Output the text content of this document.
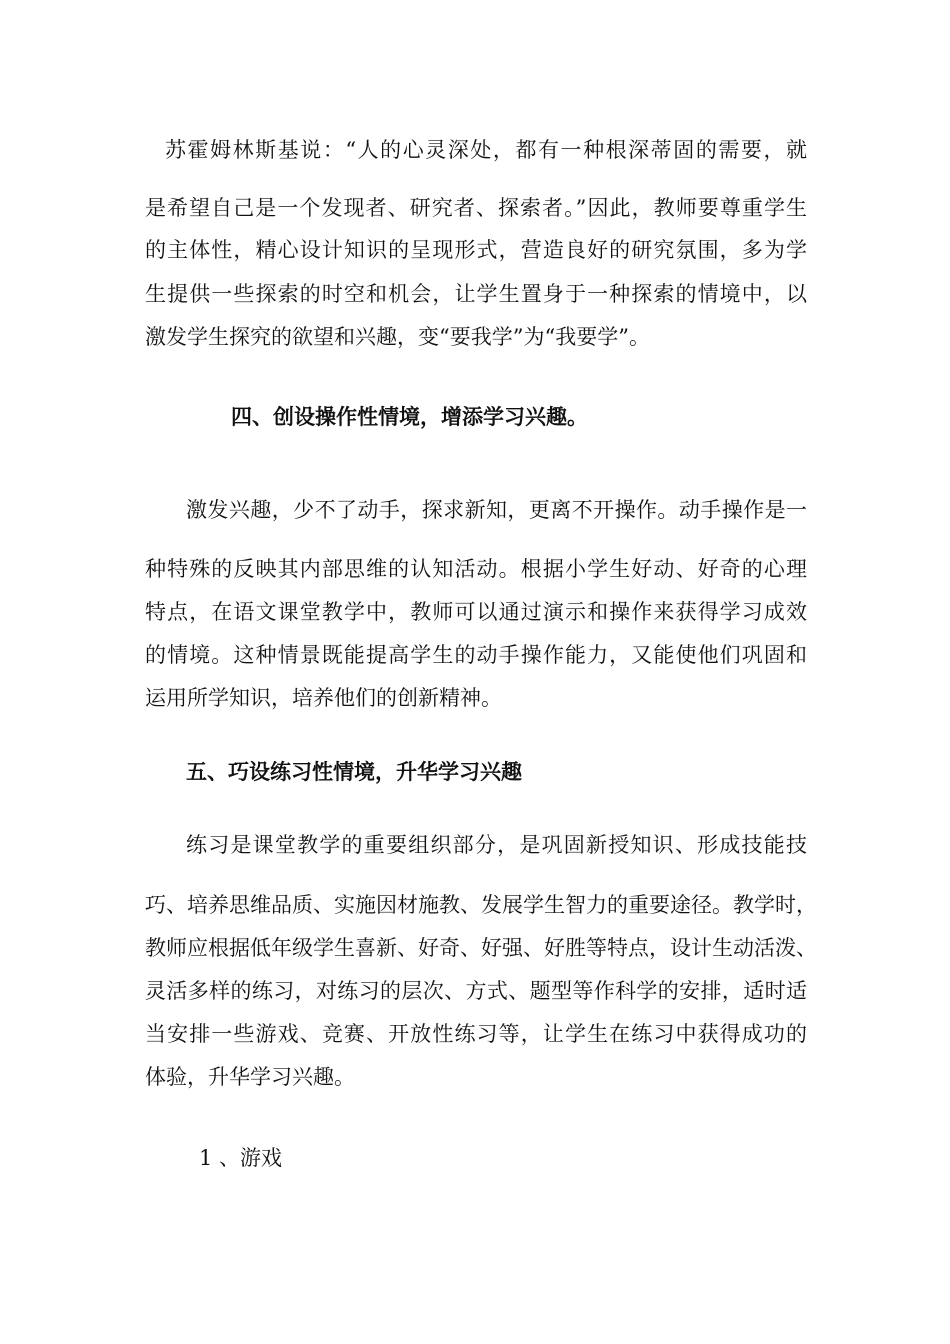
苏霍姆林斯基说：“人的心灵深处，都有一种根深蒂固的需要，就
是希望自己是一个发现者、研究者、探索者。”因此，教师要尊重学生
的主体性，精心设计知识的呈现形式，营造良好的研究氛围，多为学
生提供一些探索的时空和机会，让学生置身于一种探索的情境中，以
激发学生探究的欲望和兴趣，变“要我学”为“我要学”。
四、创设操作性情境，增添学习兴趣。
激发兴趣，少不了动手，探求新知，更离不开操作。动手操作是一
种特殊的反映其内部思维的认知活动。根据小学生好动、好奇的心理
特点，在语文课堂教学中，教师可以通过演示和操作来获得学习成效
的情境。这种情景既能提高学生的动手操作能力，又能使他们巩固和
运用所学知识，培养他们的创新精神。
五、巧设练习性情境，升华学习兴趣
练习是课堂教学的重要组织部分，是巩固新授知识、形成技能技
巧、培养思维品质、实施因材施教、发展学生智力的重要途径。教学时，
教师应根据低年级学生喜新、好奇、好强、好胜等特点，设计生动活泼、
灵活多样的练习，对练习的层次、方式、题型等作科学的安排，适时适
当安排一些游戏、竞赛、开放性练习等，让学生在练习中获得成功的
体验，升华学习兴趣。
1 、游戏
